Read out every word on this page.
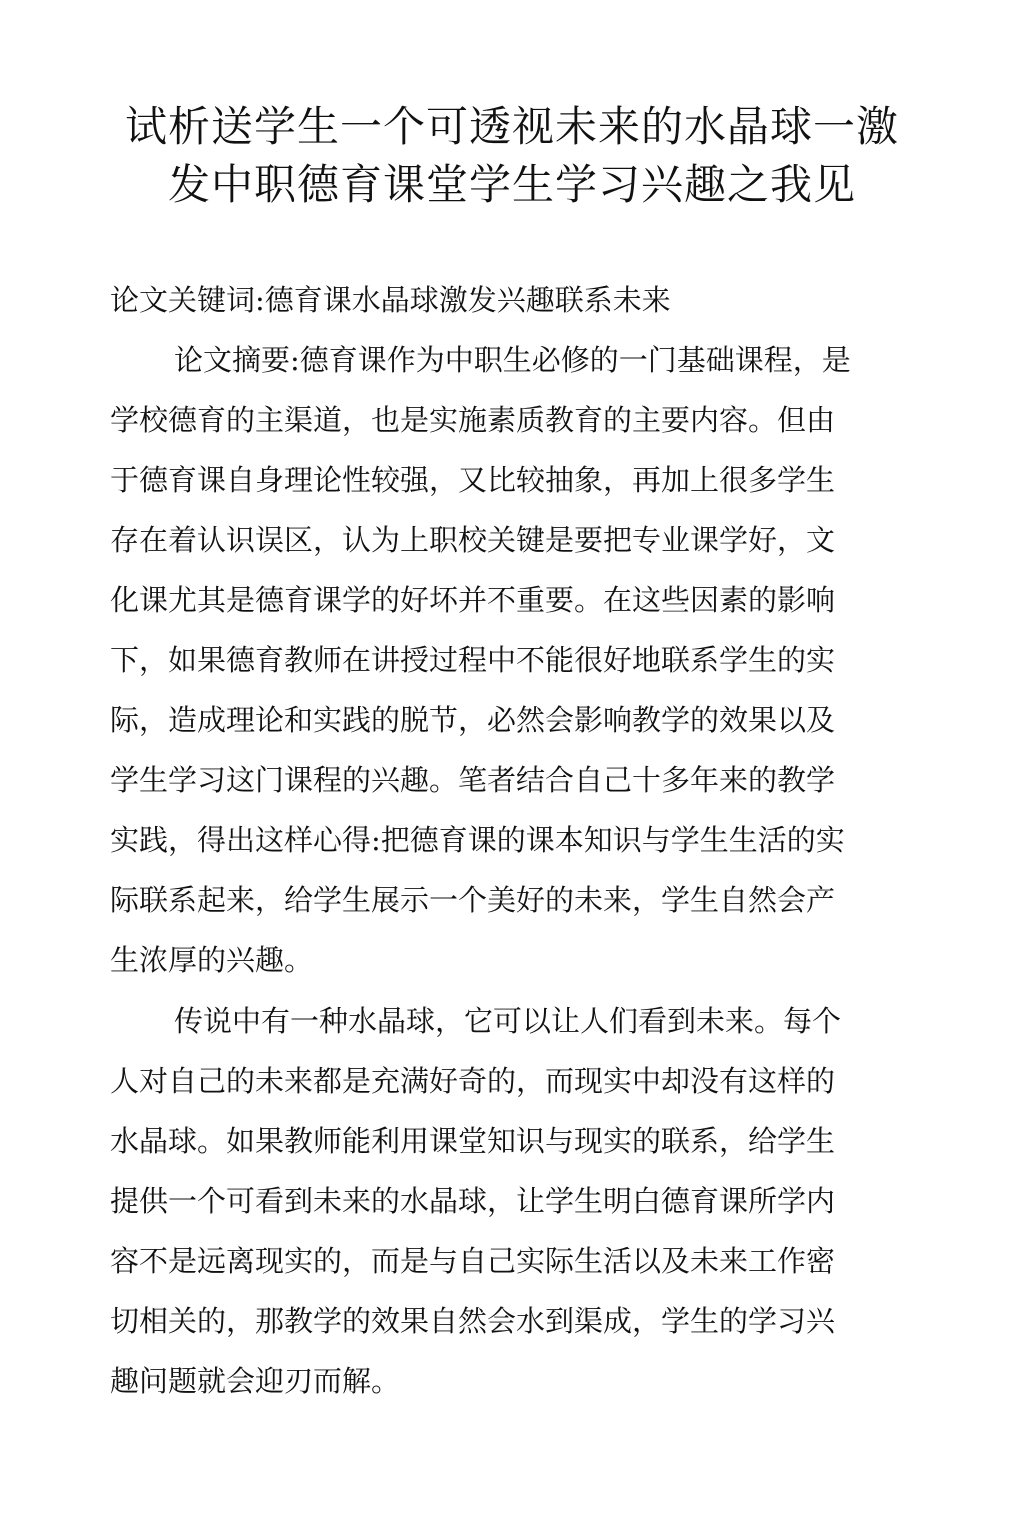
试析送学生一个可透视未来的水晶球一激
发中职德育课堂学生学习兴趣之我见

论文关键词:德育课水晶球激发兴趣联系未来

论文摘要:德育课作为中职生必修的一门基础课程，是
学校德育的主渠道，也是实施素质教育的主要内容。但由
于德育课自身理论性较强，又比较抽象，再加上很多学生
存在着认识误区，认为上职校关键是要把专业课学好，文
化课尤其是德育课学的好坏并不重要。在这些因素的影响
下，如果德育教师在讲授过程中不能很好地联系学生的实
际，造成理论和实践的脱节，必然会影响教学的效果以及
学生学习这门课程的兴趣。笔者结合自己十多年来的教学
实践，得出这样心得:把德育课的课本知识与学生生活的实
际联系起来，给学生展示一个美好的未来，学生自然会产
生浓厚的兴趣。
传说中有一种水晶球，它可以让人们看到未来。每个
人对自己的未来都是充满好奇的，而现实中却没有这样的
水晶球。如果教师能利用课堂知识与现实的联系，给学生
提供一个可看到未来的水晶球，让学生明白德育课所学内
容不是远离现实的，而是与自己实际生活以及未来工作密
切相关的，那教学的效果自然会水到渠成，学生的学习兴
趣问题就会迎刃而解。
